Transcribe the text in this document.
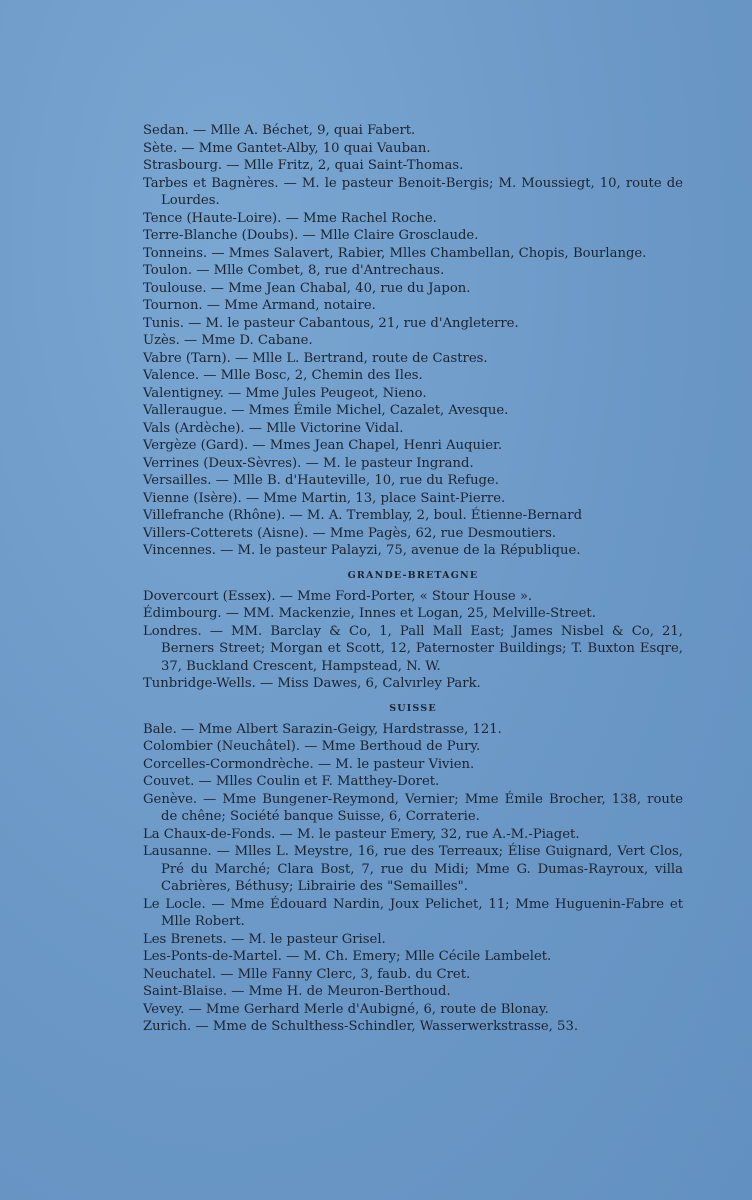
Sedan. — Mlle A. Béchet, 9, quai Fabert.

Sète. — Mme Gantet-Alby, 10 quai Vauban.

Strasbourg. — Mlle Fritz, 2, quai Saint-Thomas.

Tarbes et Bagnères. — M. le pasteur Benoit-Bergis; M. Moussiegt, 10, route de Lourdes.

Tence (Haute-Loire). — Mme Rachel Roche.

Terre-Blanche (Doubs). — Mlle Claire Grosclaude.

Tonneins. — Mmes Salavert, Rabier, Mlles Chambellan, Chopis, Bourlange.

Toulon. — Mlle Combet, 8, rue d'Antrechaus.

Toulouse. — Mme Jean Chabal, 40, rue du Japon.

Tournon. — Mme Armand, notaire.

Tunis. — M. le pasteur Cabantous, 21, rue d'Angleterre.

Uzès. — Mme D. Cabane.

Vabre (Tarn). — Mlle L. Bertrand, route de Castres.

Valence. — Mlle Bosc, 2, Chemin des Iles.

Valentigney. — Mme Jules Peugeot, Nieno.

Valleraugue. — Mmes Émile Michel, Cazalet, Avesque.

Vals (Ardèche). — Mlle Victorine Vidal.

Vergèze (Gard). — Mmes Jean Chapel, Henri Auquier.

Verrines (Deux-Sèvres). — M. le pasteur Ingrand.

Versailles. — Mlle B. d'Hauteville, 10, rue du Refuge.

Vienne (Isère). — Mme Martin, 13, place Saint-Pierre.

Villefranche (Rhône). — M. A. Tremblay, 2, boul. Étienne-Bernard

Villers-Cotterets (Aisne). — Mme Pagès, 62, rue Desmoutiers.

Vincennes. — M. le pasteur Palayzi, 75, avenue de la République.

GRANDE-BRETAGNE

Dovercourt (Essex). — Mme Ford-Porter, « Stour House ».

Édimbourg. — MM. Mackenzie, Innes et Logan, 25, Melville-Street.

Londres. — MM. Barclay & Co, 1, Pall Mall East; James Nisbel & Co, 21, Berners Street; Morgan et Scott, 12, Paternoster Buildings; T. Buxton Esqre, 37, Buckland Crescent, Hampstead, N. W.

Tunbridge-Wells. — Miss Dawes, 6, Calvırley Park.

SUISSE

Bale. — Mme Albert Sarazin-Geigy, Hardstrasse, 121.

Colombier (Neuchâtel). — Mme Berthoud de Pury.

Corcelles-Cormondrèche. — M. le pasteur Vivien.

Couvet. — Mlles Coulin et F. Matthey-Doret.

Genève. — Mme Bungener-Reymond, Vernier; Mme Émile Brocher, 138, route de chêne; Société banque Suisse, 6, Corraterie.

La Chaux-de-Fonds. — M. le pasteur Emery, 32, rue A.-M.-Piaget.

Lausanne. — Mlles L. Meystre, 16, rue des Terreaux; Élise Guignard, Vert Clos, Pré du Marché; Clara Bost, 7, rue du Midi; Mme G. Dumas-Rayroux, villa Cabrières, Béthusy; Librairie des "Semailles".

Le Locle. — Mme Édouard Nardin, Joux Pelichet, 11; Mme Huguenin-Fabre et Mlle Robert.

Les Brenets. — M. le pasteur Grisel.

Les-Ponts-de-Martel. — M. Ch. Emery; Mlle Cécile Lambelet.

Neuchatel. — Mlle Fanny Clerc, 3, faub. du Cret.

Saint-Blaise. — Mme H. de Meuron-Berthoud.

Vevey. — Mme Gerhard Merle d'Aubigné, 6, route de Blonay.

Zurich. — Mme de Schulthess-Schindler, Wasserwerkstrasse, 53.
